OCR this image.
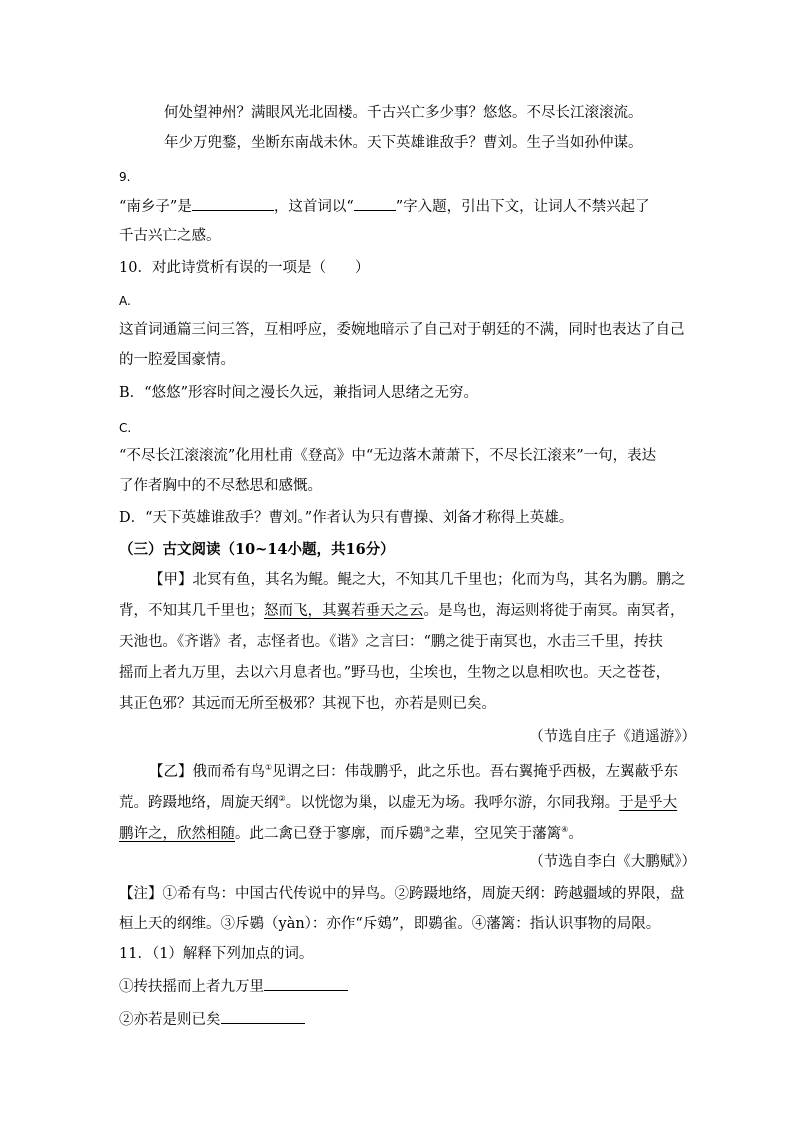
何处望神州？满眼风光北固楼。千古兴亡多少事？悠悠。不尽长江滚滚流。
年少万兜鍪，坐断东南战未休。天下英雄谁敌手？曹刘。生子当如孙仲谋。
9.
“南乡子”是	，这首词以“	”字入题，引出下文，让词人不禁兴起了
千古兴亡之感。
10．对此诗赏析有误的一项是（　　）
A.
这首词通篇三问三答，互相呼应，委婉地暗示了自己对于朝廷的不满，同时也表达了自己
的一腔爱国豪情。
B．“悠悠”形容时间之漫长久远，兼指词人思绪之无穷。
C.
“不尽长江滚滚流”化用杜甫《登高》中“无边落木萧萧下，不尽长江滚来”一句，表达
了作者胸中的不尽愁思和感慨。
D．“天下英雄谁敌手？曹刘。”作者认为只有曹操、刘备才称得上英雄。
（三）古文阅读（10~14小题，共16分）
【甲】北冥有鱼，其名为鲲。鲲之大，不知其几千里也；化而为鸟，其名为鹏。鹏之
背，不知其几千里也；怒而飞，其翼若垂天之云。是鸟也，海运则将徙于南冥。南冥者，
天池也。《齐谐》者，志怪者也。《谐》之言曰：“鹏之徙于南冥也，水击三千里，抟扶
摇而上者九万里，去以六月息者也。”野马也，尘埃也，生物之以息相吹也。天之苍苍，
其正色邪？其远而无所至极邪？其视下也，亦若是则已矣。
（节选自庄子《逍遥游》）
【乙】俄而希有鸟①见谓之曰：伟哉鹏乎，此之乐也。吾右翼掩乎西极，左翼蔽乎东
荒。跨蹑地络，周旋天纲②。以恍惚为巢，以虚无为场。我呼尔游，尔同我翔。于是乎大
鹏许之，欣然相随。此二禽已登于寥廓，而斥鷃③之辈，空见笑于藩篱④。
（节选自李白《大鹏赋》）
【注】①希有鸟：中国古代传说中的异鸟。②跨蹑地络，周旋天纲：跨越疆域的界限，盘
桓上天的纲维。③斥鷃（yàn）：亦作“斥鴳”，即鷃雀。④藩篱：指认识事物的局限。
11．（1）解释下列加点的词。
①抟扶摇而上者九万里
②亦若是则已矣
